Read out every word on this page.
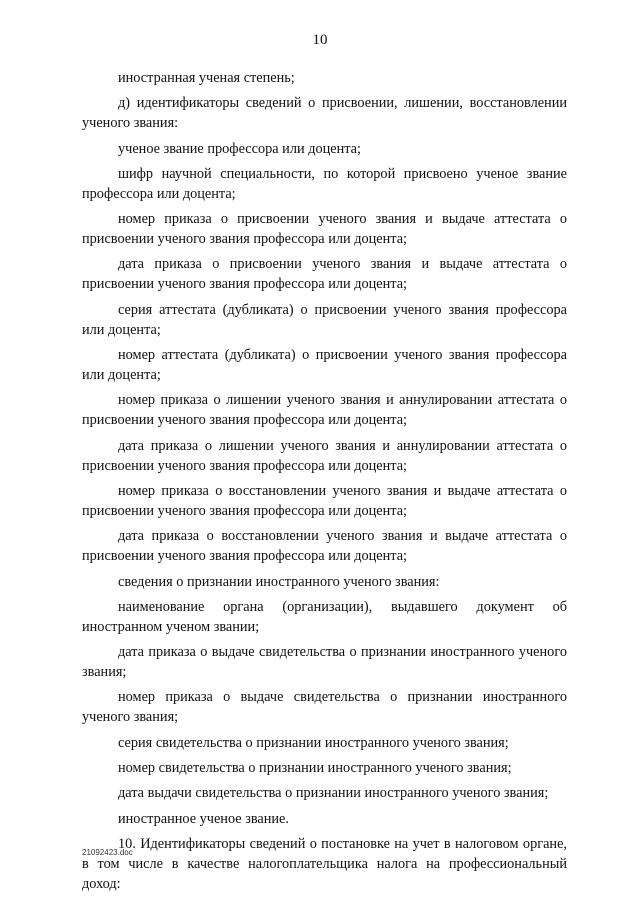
10

иностранная ученая степень;

д) идентификаторы сведений о присвоении, лишении, восстановлении ученого звания:

ученое звание профессора или доцента;

шифр научной специальности, по которой присвоено ученое звание профессора или доцента;

номер приказа о присвоении ученого звания и выдаче аттестата о присвоении ученого звания профессора или доцента;

дата приказа о присвоении ученого звания и выдаче аттестата о присвоении ученого звания профессора или доцента;

серия аттестата (дубликата) о присвоении ученого звания профессора или доцента;

номер аттестата (дубликата) о присвоении ученого звания профессора или доцента;

номер приказа о лишении ученого звания и аннулировании аттестата о присвоении ученого звания профессора или доцента;

дата приказа о лишении ученого звания и аннулировании аттестата о присвоении ученого звания профессора или доцента;

номер приказа о восстановлении ученого звания и выдаче аттестата о присвоении ученого звания профессора или доцента;

дата приказа о восстановлении ученого звания и выдаче аттестата о присвоении ученого звания профессора или доцента;

сведения о признании иностранного ученого звания:

наименование органа (организации), выдавшего документ об иностранном ученом звании;

дата приказа о выдаче свидетельства о признании иностранного ученого звания;

номер приказа о выдаче свидетельства о признании иностранного ученого звания;

серия свидетельства о признании иностранного ученого звания;

номер свидетельства о признании иностранного ученого звания;

дата выдачи свидетельства о признании иностранного ученого звания;

иностранное ученое звание.

10. Идентификаторы сведений о постановке на учет в налоговом органе, в том числе в качестве налогоплательщика налога на профессиональный доход:

21092423.doc
